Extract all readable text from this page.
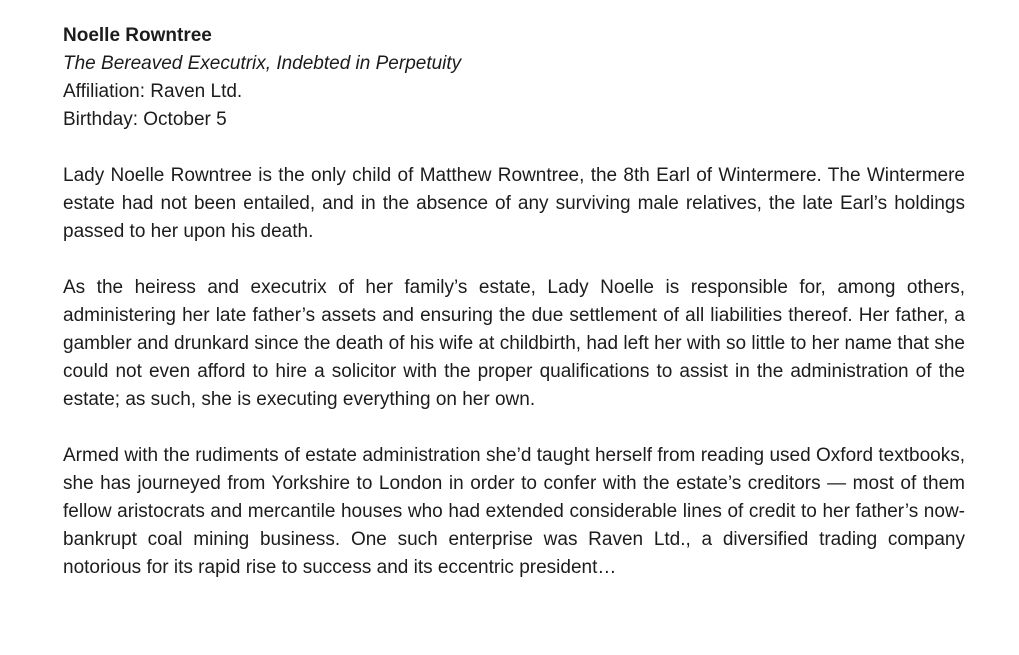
Noelle Rowntree

The Bereaved Executrix, Indebted in Perpetuity

Affiliation: Raven Ltd.

Birthday: October 5

Lady Noelle Rowntree is the only child of Matthew Rowntree, the 8th Earl of Wintermere. The Wintermere estate had not been entailed, and in the absence of any surviving male relatives, the late Earl’s holdings passed to her upon his death.

As the heiress and executrix of her family’s estate, Lady Noelle is responsible for, among others, administering her late father’s assets and ensuring the due settlement of all liabilities thereof. Her father, a gambler and drunkard since the death of his wife at childbirth, had left her with so little to her name that she could not even afford to hire a solicitor with the proper qualifications to assist in the administration of the estate; as such, she is executing everything on her own.

Armed with the rudiments of estate administration she’d taught herself from reading used Oxford textbooks, she has journeyed from Yorkshire to London in order to confer with the estate’s creditors — most of them fellow aristocrats and mercantile houses who had extended considerable lines of credit to her father’s now-bankrupt coal mining business. One such enterprise was Raven Ltd., a diversified trading company notorious for its rapid rise to success and its eccentric president…
